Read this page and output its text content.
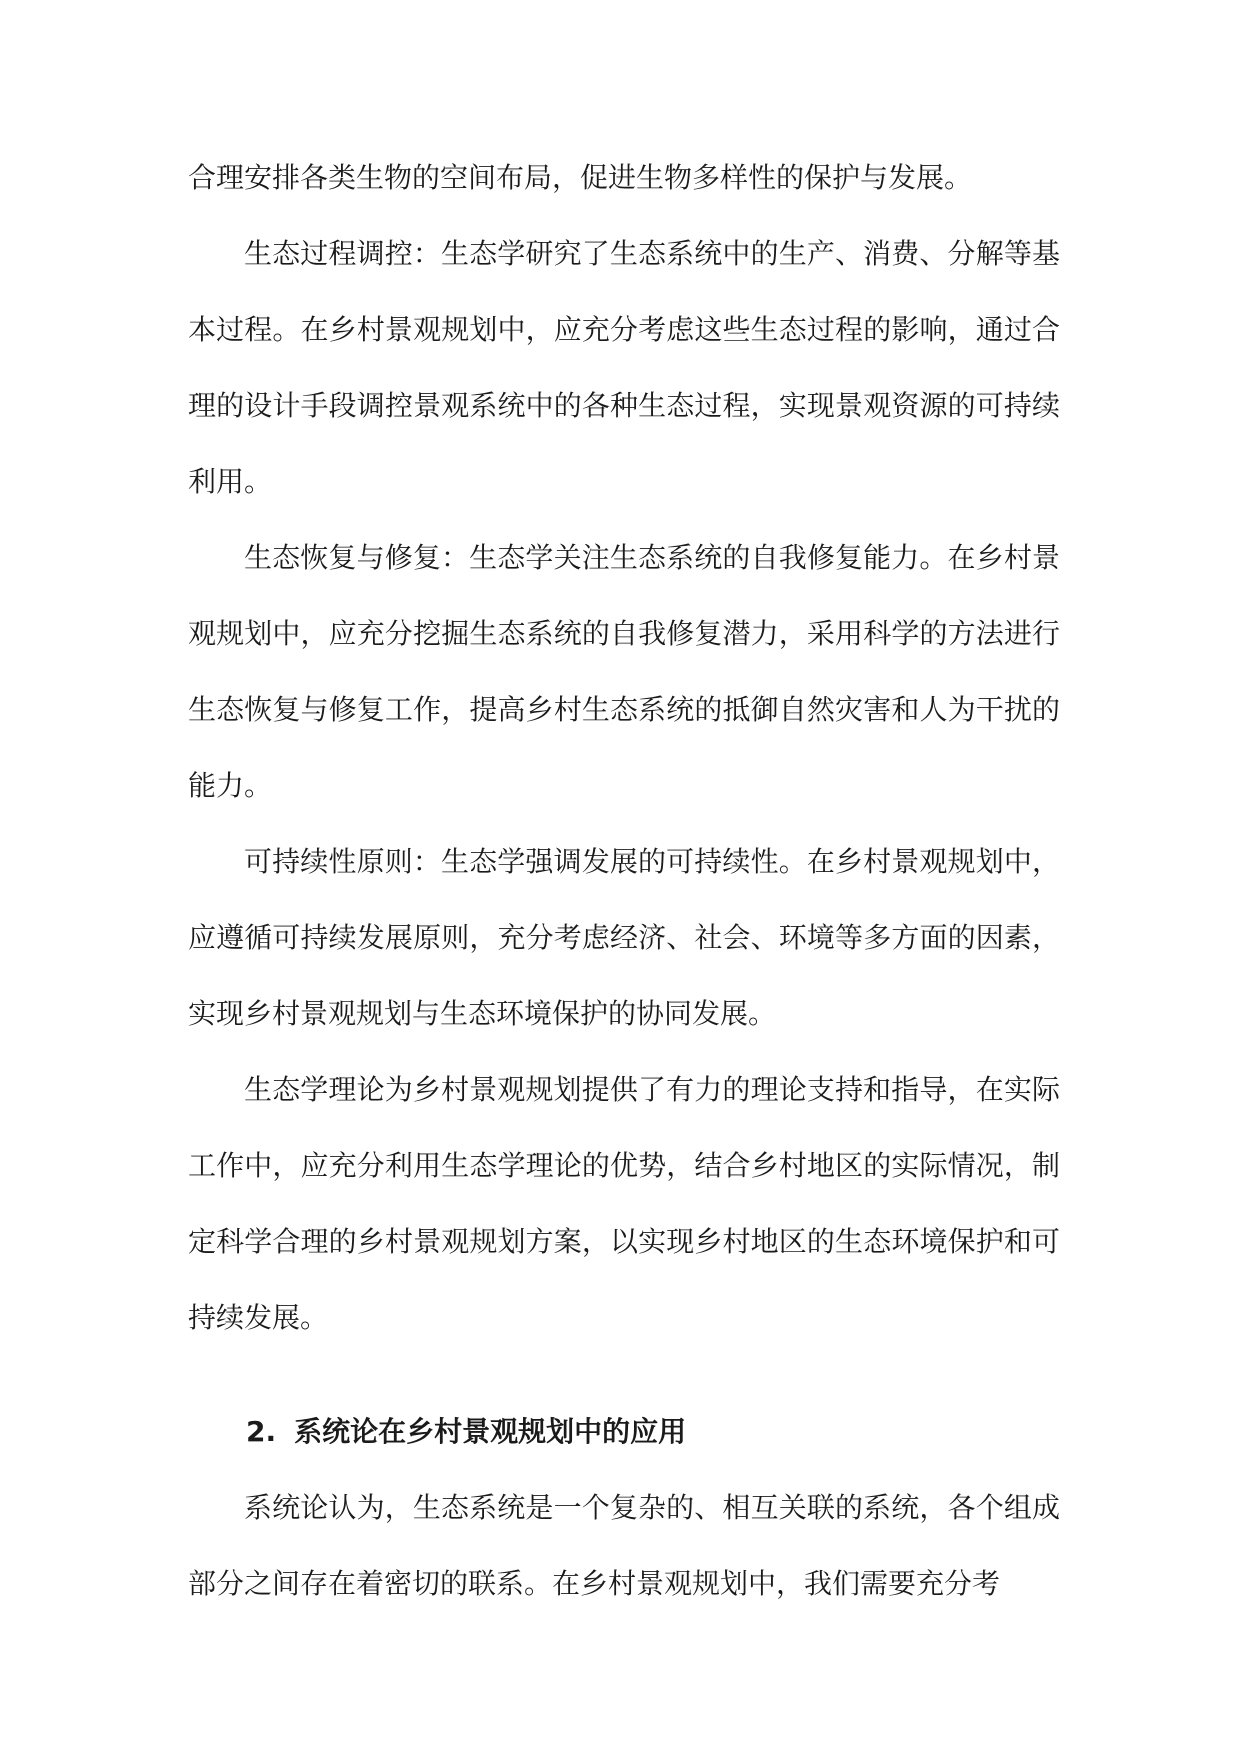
合理安排各类生物的空间布局，促进生物多样性的保护与发展。

生态过程调控：生态学研究了生态系统中的生产、消费、分解等基本过程。在乡村景观规划中，应充分考虑这些生态过程的影响，通过合理的设计手段调控景观系统中的各种生态过程，实现景观资源的可持续利用。

生态恢复与修复：生态学关注生态系统的自我修复能力。在乡村景观规划中，应充分挖掘生态系统的自我修复潜力，采用科学的方法进行生态恢复与修复工作，提高乡村生态系统的抵御自然灾害和人为干扰的能力。

可持续性原则：生态学强调发展的可持续性。在乡村景观规划中，应遵循可持续发展原则，充分考虑经济、社会、环境等多方面的因素，实现乡村景观规划与生态环境保护的协同发展。

生态学理论为乡村景观规划提供了有力的理论支持和指导，在实际工作中，应充分利用生态学理论的优势，结合乡村地区的实际情况，制定科学合理的乡村景观规划方案，以实现乡村地区的生态环境保护和可持续发展。

2. 系统论在乡村景观规划中的应用

系统论认为，生态系统是一个复杂的、相互关联的系统，各个组成部分之间存在着密切的联系。在乡村景观规划中，我们需要充分考
